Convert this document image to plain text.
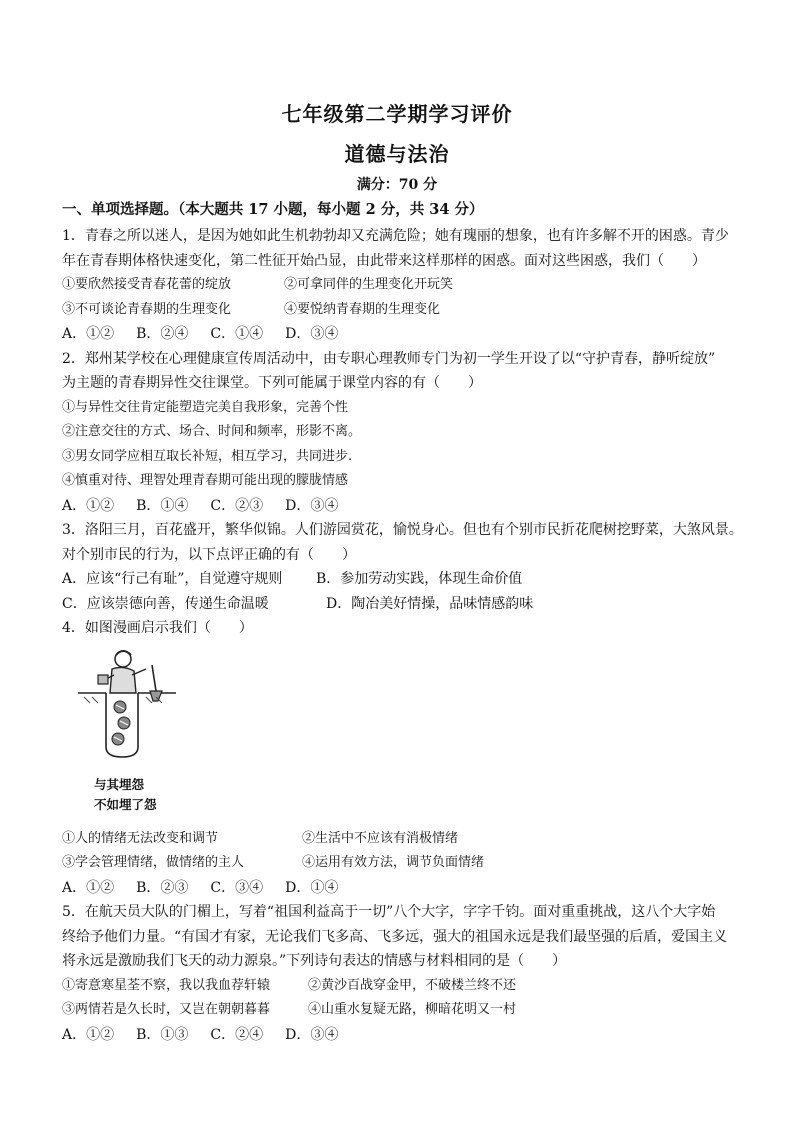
七年级第二学期学习评价
道德与法治
满分：70 分
一、单项选择题。（本大题共 17 小题，每小题 2 分，共 34 分）
1．青春之所以迷人，是因为她如此生机勃勃却又充满危险；她有瑰丽的想象，也有许多解不开的困惑。青少
年在青春期体格快速变化，第二性征开始凸显，由此带来这样那样的困惑。面对这些困惑，我们（　　）
①要欣然接受青春花蕾的绽放	②可拿同伴的生理变化开玩笑
③不可谈论青春期的生理变化	④要悦纳青春期的生理变化
A．①② B．②④ C．①④ D．③④
2．郑州某学校在心理健康宣传周活动中，由专职心理教师专门为初一学生开设了以“守护青春，静听绽放”
为主题的青春期异性交往课堂。下列可能属于课堂内容的有（　　）
①与异性交往肯定能塑造完美自我形象，完善个性
②注意交往的方式、场合、时间和频率，形影不离。
③男女同学应相互取长补短，相互学习，共同进步.
④慎重对待、理智处理青春期可能出现的朦胧情感
A．①② B．①④ C．②③ D．③④
3．洛阳三月，百花盛开，繁华似锦。人们游园赏花，愉悦身心。但也有个别市民折花爬树挖野菜，大煞风景。
对个别市民的行为，以下点评正确的有（　　）
A．应该“行己有耻”，自觉遵守规则 B．参加劳动实践，体现生命价值
C．应该崇德向善，传递生命温暖	D．陶冶美好情操，品味情感韵味
4．如图漫画启示我们（　　）
与其埋怨
不如埋了怨
①人的情绪无法改变和调节	②生活中不应该有消极情绪
③学会管理情绪，做情绪的主人	④运用有效方法，调节负面情绪
A．①② B．②③ C．③④ D．①④
5．在航天员大队的门楣上，写着“祖国利益高于一切”八个大字，字字千钧。面对重重挑战，这八个大字始
终给予他们力量。“有国才有家，无论我们飞多高、飞多远，强大的祖国永远是我们最坚强的后盾，爱国主义
将永远是激励我们飞天的动力源泉。”下列诗句表达的情感与材料相同的是（　　）
①寄意寒星荃不察，我以我血荐轩辕	②黄沙百战穿金甲，不破楼兰终不还
③两情若是久长时，又岂在朝朝暮暮	④山重水复疑无路，柳暗花明又一村
A．①② B．①③ C．②④ D．③④
